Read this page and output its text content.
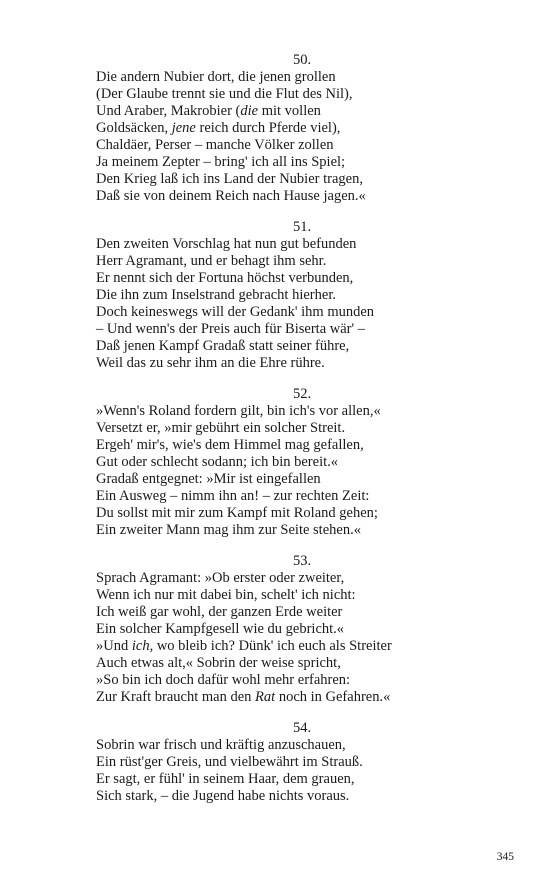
50.
Die andern Nubier dort, die jenen grollen
(Der Glaube trennt sie und die Flut des Nil),
Und Araber, Makrobier (die mit vollen
Goldsäcken, jene reich durch Pferde viel),
Chaldäer, Perser – manche Völker zollen
Ja meinem Zepter – bring' ich all ins Spiel;
Den Krieg laß ich ins Land der Nubier tragen,
Daß sie von deinem Reich nach Hause jagen.«
51.
Den zweiten Vorschlag hat nun gut befunden
Herr Agramant, und er behagt ihm sehr.
Er nennt sich der Fortuna höchst verbunden,
Die ihn zum Inselstrand gebracht hierher.
Doch keineswegs will der Gedank' ihm munden
– Und wenn's der Preis auch für Biserta wär' –
Daß jenen Kampf Gradaß statt seiner führe,
Weil das zu sehr ihm an die Ehre rühre.
52.
»Wenn's Roland fordern gilt, bin ich's vor allen,«
Versetzt er, »mir gebührt ein solcher Streit.
Ergeh' mir's, wie's dem Himmel mag gefallen,
Gut oder schlecht sodann; ich bin bereit.«
Gradaß entgegnet: »Mir ist eingefallen
Ein Ausweg – nimm ihn an! – zur rechten Zeit:
Du sollst mit mir zum Kampf mit Roland gehen;
Ein zweiter Mann mag ihm zur Seite stehen.«
53.
Sprach Agramant: »Ob erster oder zweiter,
Wenn ich nur mit dabei bin, schelt' ich nicht:
Ich weiß gar wohl, der ganzen Erde weiter
Ein solcher Kampfgesell wie du gebricht.«
»Und ich, wo bleib ich? Dünk' ich euch als Streiter
Auch etwas alt,« Sobrin der weise spricht,
»So bin ich doch dafür wohl mehr erfahren:
Zur Kraft braucht man den Rat noch in Gefahren.«
54.
Sobrin war frisch und kräftig anzuschauen,
Ein rüst'ger Greis, und vielbewährt im Strauß.
Er sagt, er fühl' in seinem Haar, dem grauen,
Sich stark, – die Jugend habe nichts voraus.
345
